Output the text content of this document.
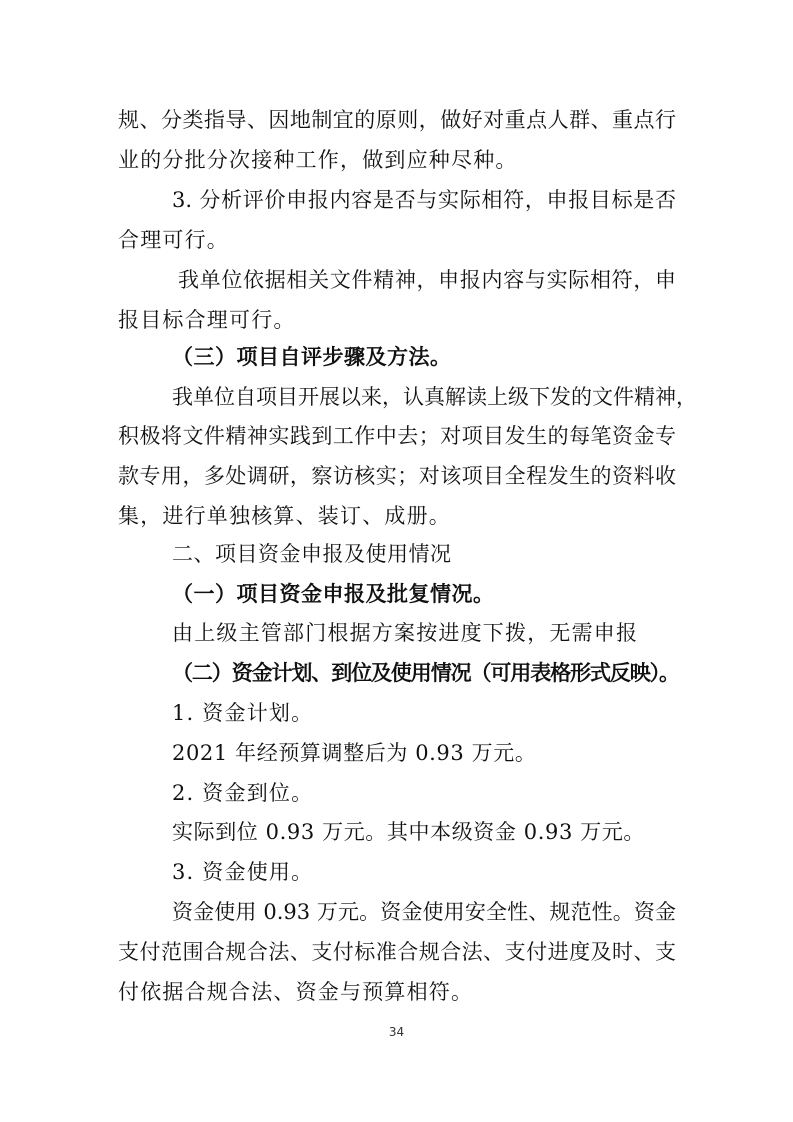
规、分类指导、因地制宜的原则，做好对重点人群、重点行
业的分批分次接种工作，做到应种尽种。
3. 分析评价申报内容是否与实际相符，申报目标是否
合理可行。
我单位依据相关文件精神，申报内容与实际相符，申
报目标合理可行。
（三）项目自评步骤及方法。
我单位自项目开展以来，认真解读上级下发的文件精神，
积极将文件精神实践到工作中去；对项目发生的每笔资金专
款专用，多处调研，察访核实；对该项目全程发生的资料收
集，进行单独核算、装订、成册。
二、项目资金申报及使用情况
（一）项目资金申报及批复情况。
由上级主管部门根据方案按进度下拨，无需申报
（二）资金计划、到位及使用情况（可用表格形式反映）。
1. 资金计划。
2021 年经预算调整后为 0.93 万元。
2. 资金到位。
实际到位 0.93 万元。其中本级资金 0.93 万元。
3. 资金使用。
资金使用 0.93 万元。资金使用安全性、规范性。资金
支付范围合规合法、支付标准合规合法、支付进度及时、支
付依据合规合法、资金与预算相符。
34
